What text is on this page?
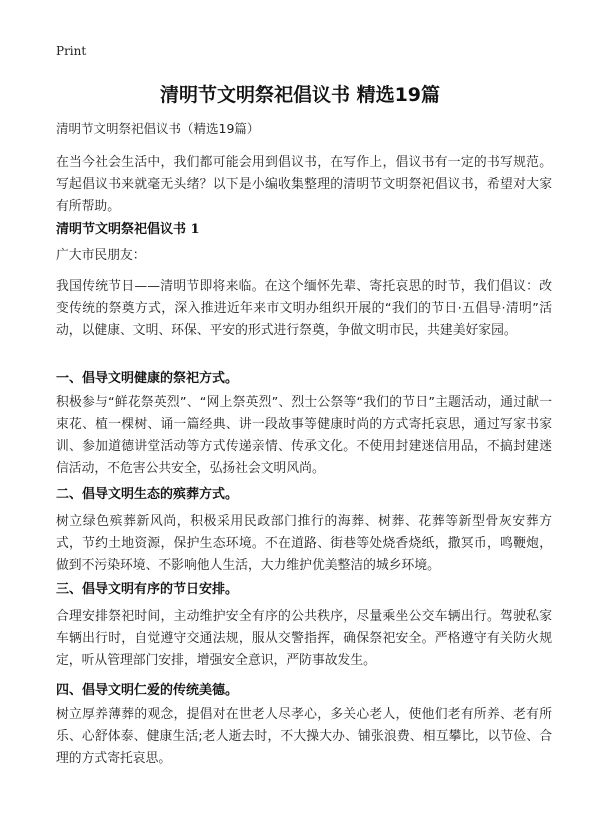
Print
清明节文明祭祀倡议书 精选19篇
清明节文明祭祀倡议书（精选19篇）
在当今社会生活中，我们都可能会用到倡议书，在写作上，倡议书有一定的书写规范。写起倡议书来就毫无头绪？以下是小编收集整理的清明节文明祭祀倡议书，希望对大家有所帮助。
清明节文明祭祀倡议书 1
广大市民朋友：
我国传统节日——清明节即将来临。在这个缅怀先辈、寄托哀思的时节，我们倡议：改变传统的祭奠方式，深入推进近年来市文明办组织开展的“我们的节日·五倡导·清明”活动，以健康、文明、环保、平安的形式进行祭奠，争做文明市民，共建美好家园。
一、倡导文明健康的祭祀方式。
积极参与“鲜花祭英烈”、“网上祭英烈”、烈士公祭等“我们的节日”主题活动，通过献一束花、植一棵树、诵一篇经典、讲一段故事等健康时尚的方式寄托哀思，通过写家书家训、参加道德讲堂活动等方式传递亲情、传承文化。不使用封建迷信用品，不搞封建迷信活动，不危害公共安全，弘扬社会文明风尚。
二、倡导文明生态的殡葬方式。
树立绿色殡葬新风尚，积极采用民政部门推行的海葬、树葬、花葬等新型骨灰安葬方式，节约土地资源，保护生态环境。不在道路、街巷等处烧香烧纸，撒冥币，鸣鞭炮，做到不污染环境、不影响他人生活，大力维护优美整洁的城乡环境。
三、倡导文明有序的节日安排。
合理安排祭祀时间，主动维护安全有序的公共秩序，尽量乘坐公交车辆出行。驾驶私家车辆出行时，自觉遵守交通法规，服从交警指挥，确保祭祀安全。严格遵守有关防火规定，听从管理部门安排，增强安全意识，严防事故发生。
四、倡导文明仁爱的传统美德。
树立厚养薄葬的观念，提倡对在世老人尽孝心，多关心老人，使他们老有所养、老有所乐、心舒体泰、健康生活;老人逝去时，不大操大办、铺张浪费、相互攀比，以节俭、合理的方式寄托哀思。
